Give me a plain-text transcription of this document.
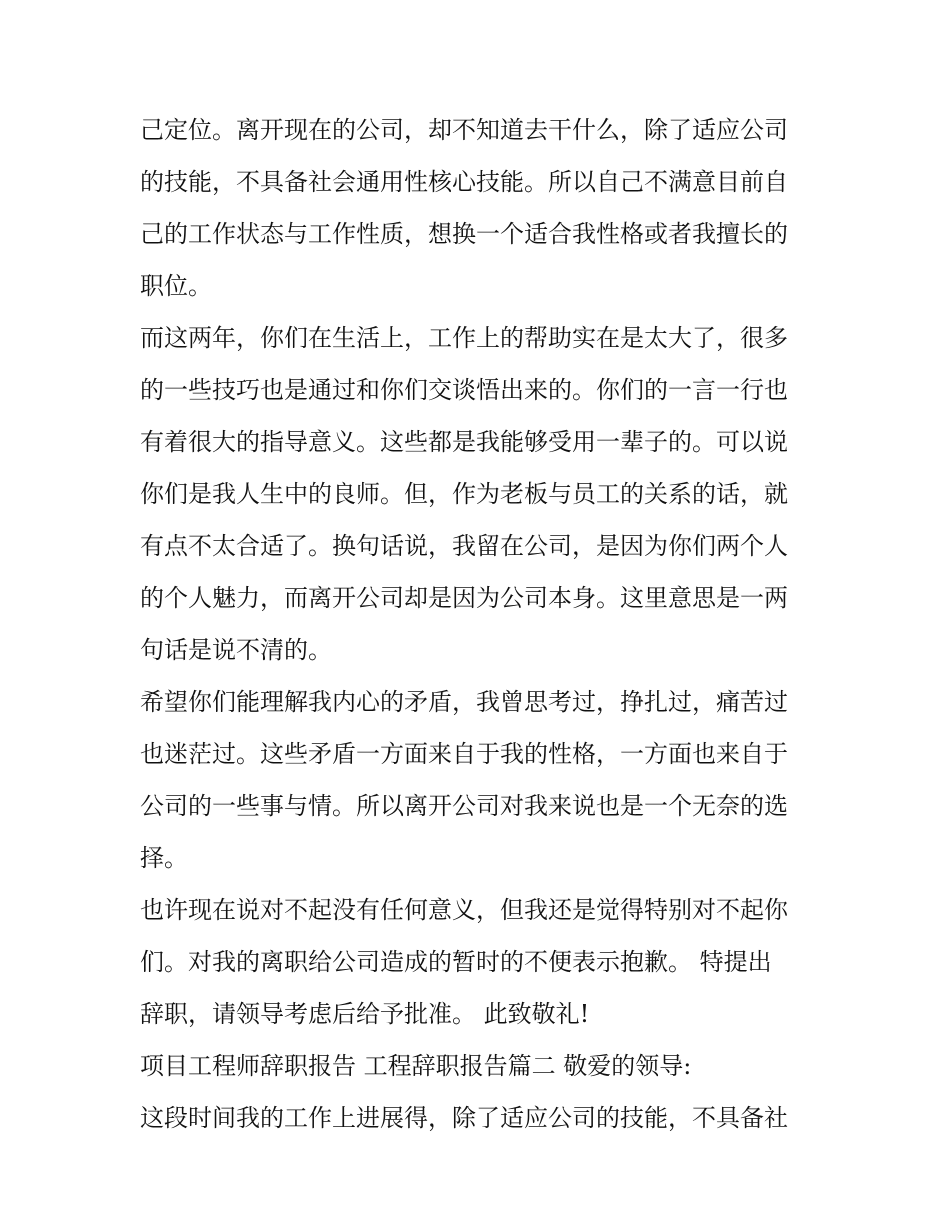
己定位。离开现在的公司，却不知道去干什么，除了适应公司
的技能，不具备社会通用性核心技能。所以自己不满意目前自
己的工作状态与工作性质，想换一个适合我性格或者我擅长的
职位。
而这两年，你们在生活上，工作上的帮助实在是太大了，很多
的一些技巧也是通过和你们交谈悟出来的。你们的一言一行也
有着很大的指导意义。这些都是我能够受用一辈子的。可以说
你们是我人生中的良师。但，作为老板与员工的关系的话，就
有点不太合适了。换句话说，我留在公司，是因为你们两个人
的个人魅力，而离开公司却是因为公司本身。这里意思是一两
句话是说不清的。
希望你们能理解我内心的矛盾，我曾思考过，挣扎过，痛苦过
也迷茫过。这些矛盾一方面来自于我的性格，一方面也来自于
公司的一些事与情。所以离开公司对我来说也是一个无奈的选
择。
也许现在说对不起没有任何意义，但我还是觉得特别对不起你
们。对我的离职给公司造成的暂时的不便表示抱歉。 特提出
辞职，请领导考虑后给予批准。 此致敬礼!
项目工程师辞职报告 工程辞职报告篇二 敬爱的领导:
这段时间我的工作上进展得，除了适应公司的技能，不具备社
